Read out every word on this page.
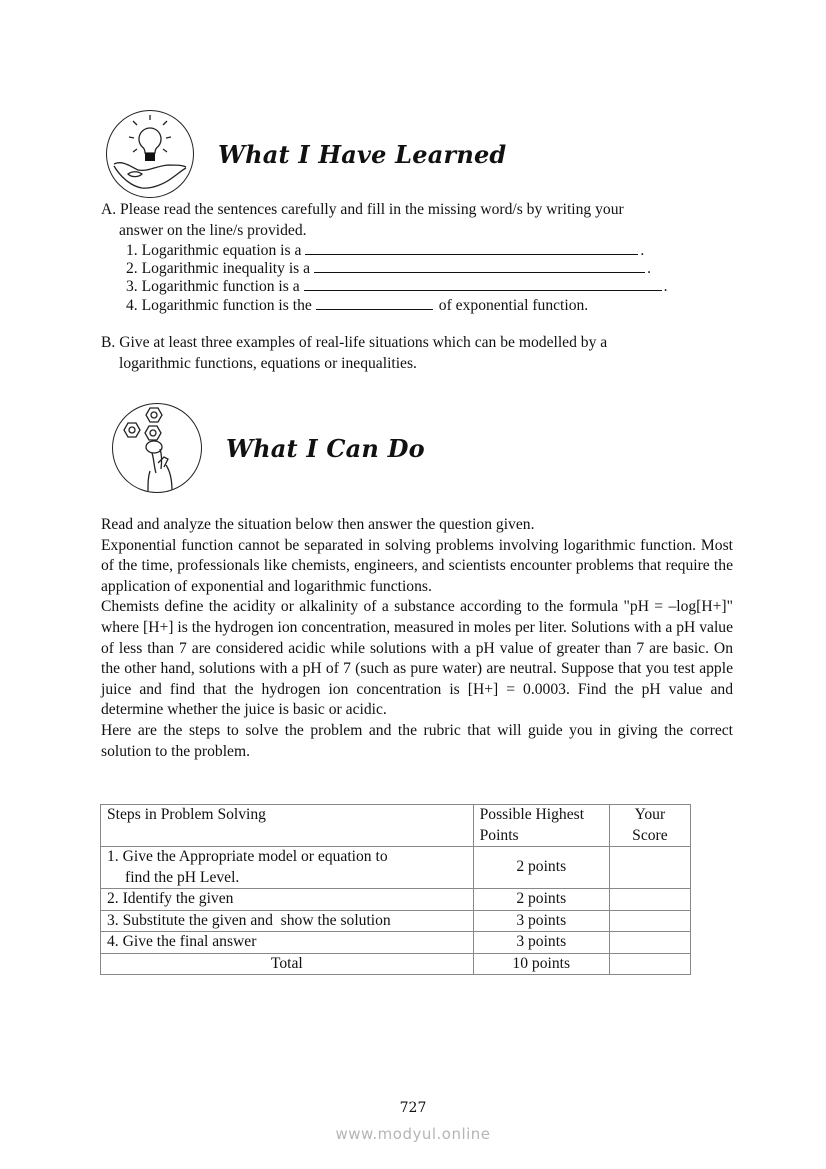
What I Have Learned
A. Please read the sentences carefully and fill in the missing word/s by writing your
answer on the line/s provided.
1. Logarithmic equation is a	.
2. Logarithmic inequality is a	.
3. Logarithmic function is a	.
4. Logarithmic function is the	of exponential function.
B. Give at least three examples of real-life situations which can be modelled by a
logarithmic functions, equations or inequalities.
What I Can Do
Read and analyze the situation below then answer the question given.
Exponential function cannot be separated in solving problems involving logarithmic function. Most of the time, professionals like chemists, engineers, and scientists encounter problems that require the application of exponential and logarithmic functions.
Chemists define the acidity or alkalinity of a substance according to the formula "pH = –log[H+]" where [H+] is the hydrogen ion concentration, measured in moles per liter. Solutions with a pH value of less than 7 are considered acidic while solutions with a pH value of greater than 7 are basic. On the other hand, solutions with a pH of 7 (such as pure water) are neutral. Suppose that you test apple juice and find that the hydrogen ion concentration is [H+] = 0.0003. Find the pH value and determine whether the juice is basic or acidic.
Here are the steps to solve the problem and the rubric that will guide you in giving the correct solution to the problem.
Steps in Problem Solving	Possible Highest Points	Your Score

1. Give the Appropriate model or equation to
find the pH Level.	2 points	
2. Identify the given	2 points	
3. Substitute the given and  show the solution	3 points	
4. Give the final answer	3 points	
Total	10 points	
727
www.modyul.online
